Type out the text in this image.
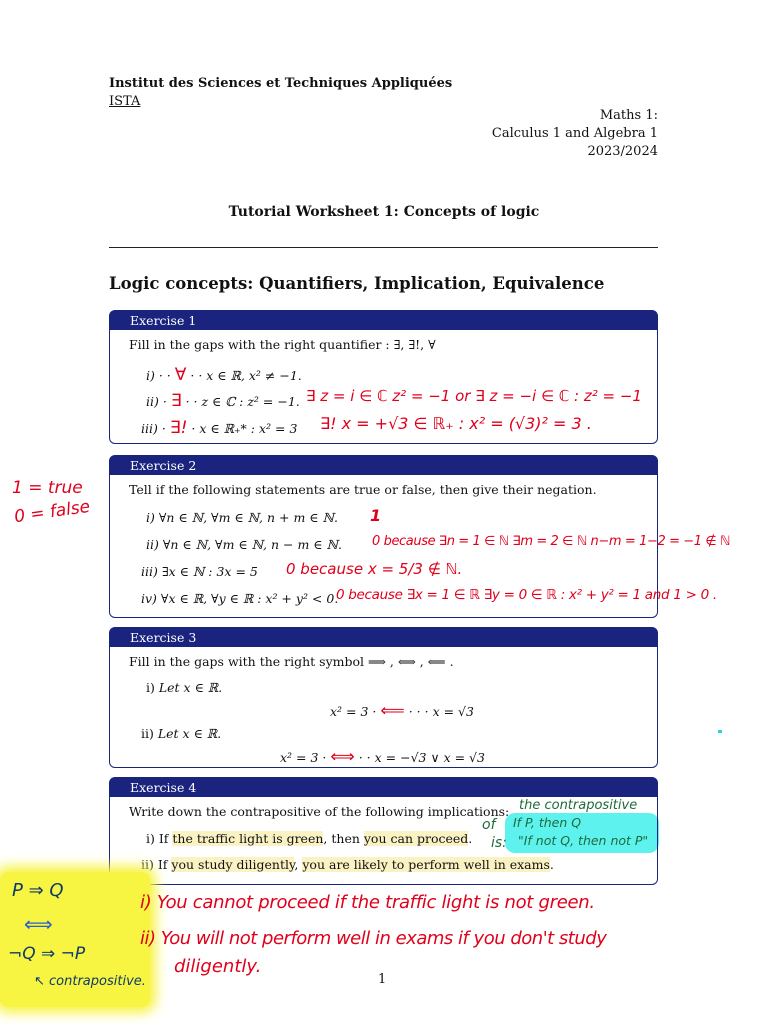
Institut des Sciences et Techniques Appliquées
ISTA
Maths 1:
Calculus 1 and Algebra 1
2023/2024
Tutorial Worksheet 1: Concepts of logic
Logic concepts: Quantifiers, Implication, Equivalence
Exercise 1
Fill in the gaps with the right quantifier : ∃, ∃!, ∀
i) · · ∀ · · x ∈ ℝ, x² ≠ −1.
ii) · ∃ · · z ∈ ℂ : z² = −1. ∃ z = i ∈ ℂ z² = −1 or ∃ z = −i ∈ ℂ : z² = −1
iii) · ∃! · x ∈ ℝ₊* : x² = 3 ∃! x = +√3 ∈ ℝ₊ : x² = (√3)² = 3 .
Exercise 2
Tell if the following statements are true or false, then give their negation.
i) ∀n ∈ ℕ, ∀m ∈ ℕ, n + m ∈ ℕ. 1
ii) ∀n ∈ ℕ, ∀m ∈ ℕ, n − m ∈ ℕ. 0 because ∃n = 1 ∈ ℕ ∃m = 2 ∈ ℕ n−m = 1−2 = −1 ∉ ℕ
iii) ∃x ∈ ℕ : 3x = 5 0 because x = 5/3 ∉ ℕ.
iv) ∀x ∈ ℝ, ∀y ∈ ℝ : x² + y² < 0.
0 because ∃x = 1 ∈ ℝ ∃y = 0 ∈ ℝ : x² + y² = 1 and 1 > 0 .
Exercise 3
Fill in the gaps with the right symbol ⟹ , ⟺ , ⟸ .
i) Let x ∈ ℝ.
x² = 3 · ⟸ · · · x = √3
ii) Let x ∈ ℝ.
x² = 3 · ⟺ · · x = −√3 ∨ x = √3
Exercise 4
Write down the contrapositive of the following implications:
i) If the traffic light is green, then you can proceed.
ii) If you study diligently, you are likely to perform well in exams.
the contrapositive
of If P, then Q
is: "If not Q, then not P"
1 = true
0 = false
P ⇒ Q
⟺
¬Q ⇒ ¬P
↖ contrapositive.
i) You cannot proceed if the traffic light is not green.
ii) You will not perform well in exams if you don't study
diligently.
1
